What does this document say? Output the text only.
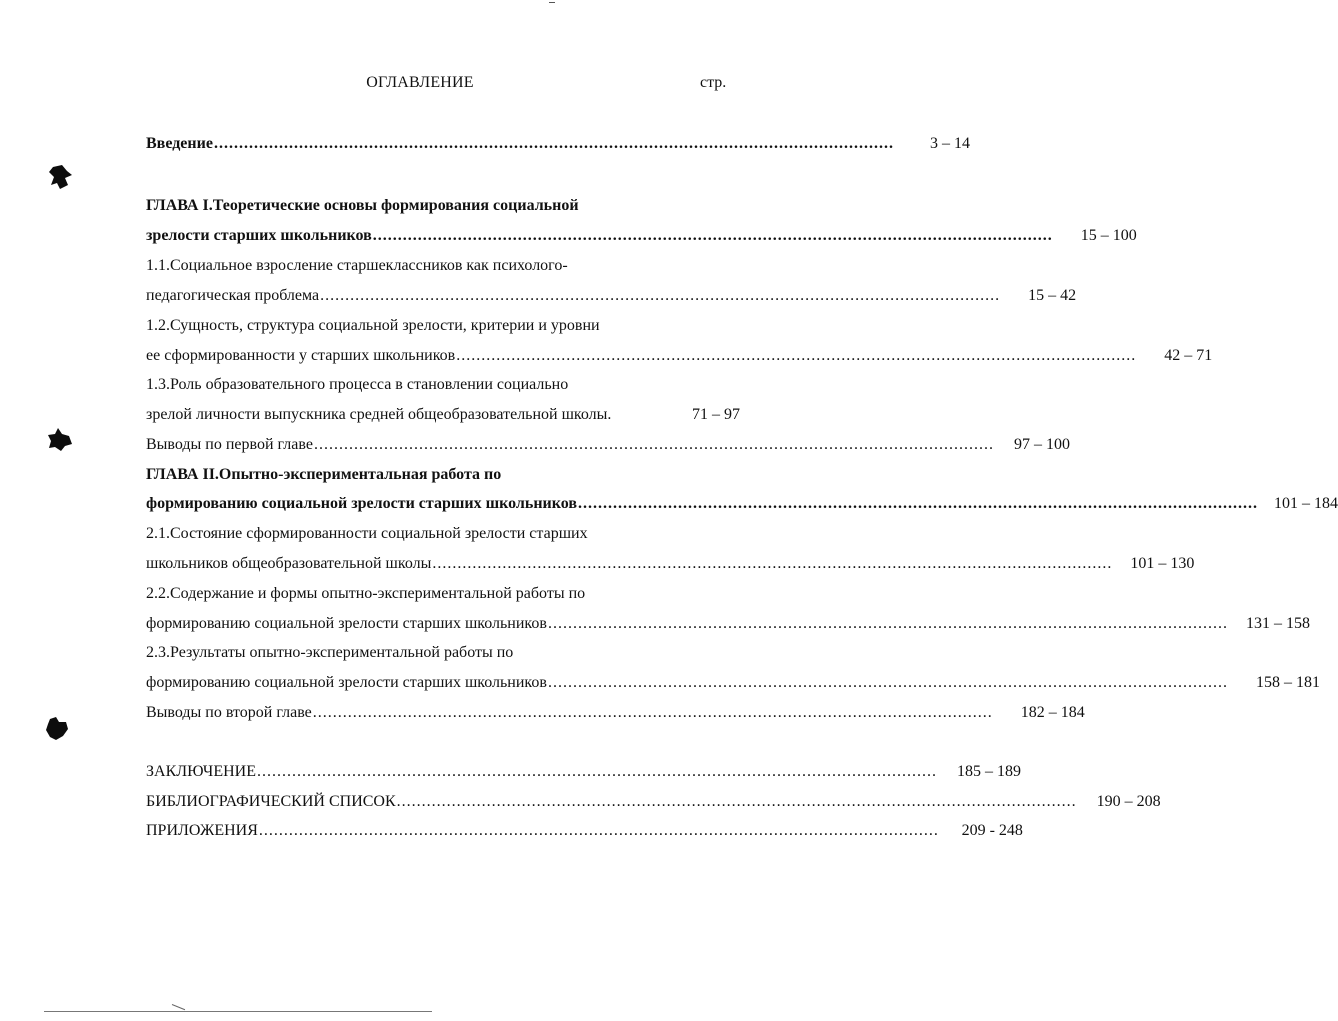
ОГЛАВЛЕНИЕ	стр.
Введение ........................................................................................................................................	3 – 14
ГЛАВА I.Теоретические основы формирования социальной
зрелости старших школьников ........................................................................................................................................	15 – 100
1.1.Социальное взросление старшеклассников как психолого-
педагогическая проблема ........................................................................................................................................	15 – 42
1.2.Сущность, структура социальной зрелости, критерии и уровни
ее сформированности у старших школьников ........................................................................................................................................	42 – 71
1.3.Роль образовательного процесса в становлении социально
зрелой личности выпускника средней общеобразовательной школы.	71 – 97
Выводы по первой главе ........................................................................................................................................	97 – 100
ГЛАВА II.Опытно-экспериментальная работа по
формированию социальной зрелости старших школьников ........................................................................................................................................	101 – 184
2.1.Состояние сформированности социальной зрелости старших
школьников общеобразовательной школы ........................................................................................................................................	101 – 130
2.2.Содержание и формы опытно-экспериментальной работы по
формированию социальной зрелости старших школьников ........................................................................................................................................	131 – 158
2.3.Результаты опытно-экспериментальной работы по
формированию социальной зрелости старших школьников ........................................................................................................................................	158 – 181
Выводы по второй главе ........................................................................................................................................	182 – 184
ЗАКЛЮЧЕНИЕ ........................................................................................................................................	185 – 189
БИБЛИОГРАФИЧЕСКИЙ СПИСОК ........................................................................................................................................	190 – 208
ПРИЛОЖЕНИЯ ........................................................................................................................................	209 - 248
